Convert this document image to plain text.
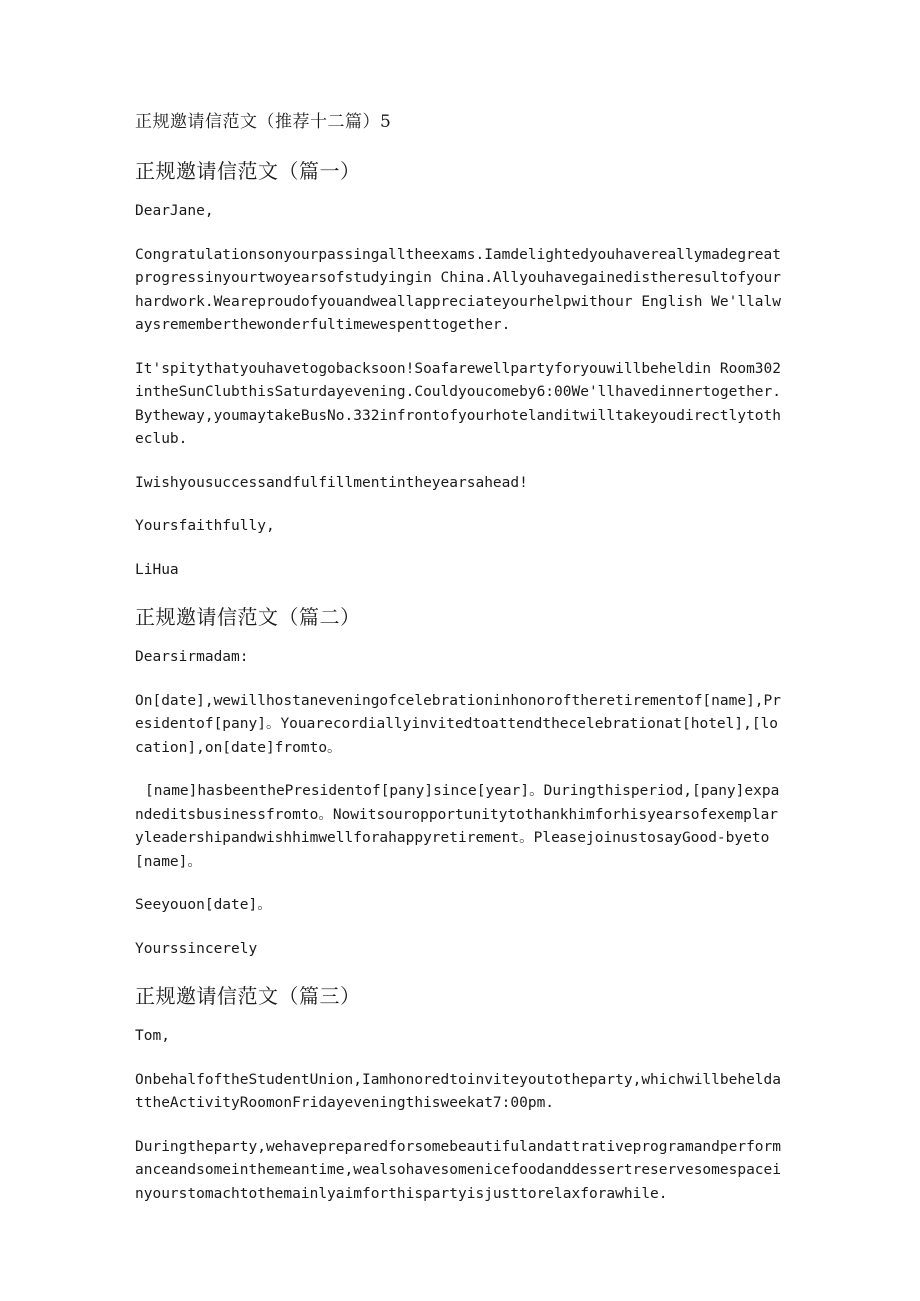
正规邀请信范文（推荐十二篇）5
正规邀请信范文（篇一）
DearJane,
Congratulationsonyourpassingalltheexams.Iamdelightedyouhavereallymadegreatprogressinyourtwoyearsofstudyingin China.Allyouhavegainedistheresultofyourhardwork.Weareproudofyouandweallappreciateyourhelpwithour English We'llalwaysrememberthewonderfultimewespenttogether.
It'spitythatyouhavetogobacksoon!Soafarewellpartyforyouwillbeheldin Room302intheSunClubthisSaturdayevening.Couldyoucomeby6:00We'llhavedinnertogether.Bytheway,youmaytakeBusNo.332infrontofyourhotelanditwilltakeyoudirectlytotheclub.
Iwishyousuccessandfulfillmentintheyearsahead!
Yoursfaithfully,
LiHua
正规邀请信范文（篇二）
Dearsirmadam:
On[date],wewillhostaneveningofcelebrationinhonoroftheretirementof[name],Presidentof[pany]。Youarecordiallyinvitedtoattendthecelebrationat[hotel],[location],on[date]fromto。
[name]hasbeenthePresidentof[pany]since[year]。Duringthisperiod,[pany]expandeditsbusinessfromto。Nowitsouropportunitytothankhimforhisyearsofexemplaryleadershipandwishhimwellforahappyretirement。PleasejoinustosayGood-byeto[name]。
Seeyouon[date]。
Yourssincerely
正规邀请信范文（篇三）
Tom,
OnbehalfoftheStudentUnion,Iamhonoredtoinviteyoutotheparty,whichwillbeheldattheActivityRoomonFridayeveningthisweekat7:00pm.
Duringtheparty,wehavepreparedforsomebeautifulandattrativeprogramandperformanceandsomeinthemeantime,wealsohavesomenicefoodanddessertreservesomespaceinyourstomachtothemainlyaimforthispartyisjusttorelaxforawhile.
